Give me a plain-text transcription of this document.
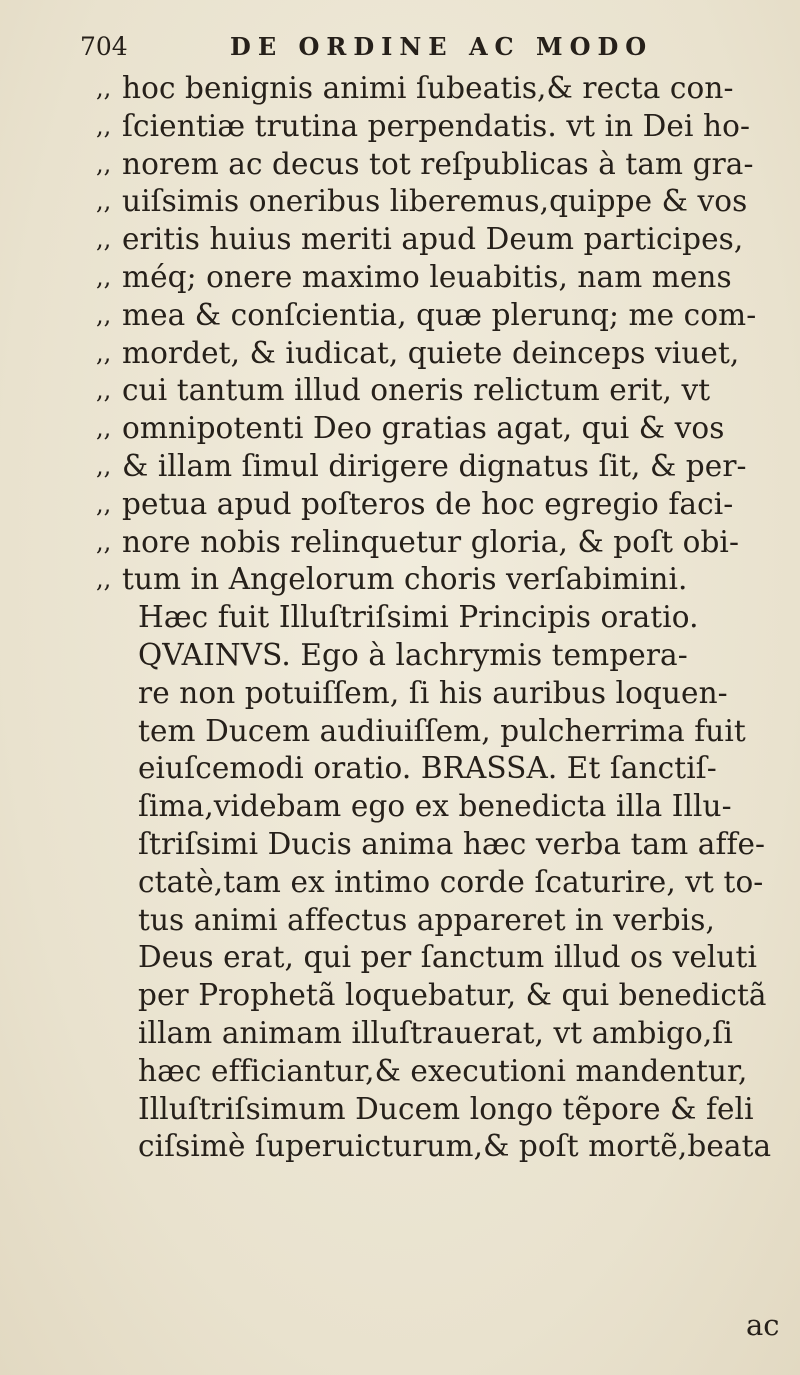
704	DE ORDINE AC MODO
,, hoc benignis animi ſubeatis,& recta con-
,, ſcientiæ trutina perpendatis. vt in Dei ho-
,, norem ac decus tot reſpublicas à tam gra-
,, uiſsimis oneribus liberemus,quippe & vos
,, eritis huius meriti apud Deum participes,
,, méq; onere maximo leuabitis, nam mens
,, mea & conſcientia, quæ plerunq; me com-
,, mordet, & iudicat, quiete deinceps viuet,
,, cui tantum illud oneris relictum erit, vt
,, omnipotenti Deo gratias agat, qui & vos
,, & illam ſimul dirigere dignatus ſit, & per-
,, petua apud poſteros de hoc egregio faci-
,, nore nobis relinquetur gloria, & poſt obi-
,, tum in Angelorum choris verſabimini.
Hæc fuit Illuſtriſsimi Principis oratio.
QVAINVS. Ego à lachrymis tempera-
re non potuiſſem, ſi his auribus loquen-
tem Ducem audiuiſſem, pulcherrima fuit
eiuſcemodi oratio. BRASSA. Et ſanctiſ-
ſima,videbam ego ex benedicta illa Illu-
ſtriſsimi Ducis anima hæc verba tam affe-
ctatè,tam ex intimo corde ſcaturire, vt to-
tus animi affectus appareret in verbis,
Deus erat, qui per ſanctum illud os veluti
per Prophetã loquebatur, & qui benedictã
illam animam illuſtrauerat, vt ambigo,ſi
hæc efficiantur,& executioni mandentur,
Illuſtriſsimum Ducem longo tẽpore & feli
ciſsimè ſuperuicturum,& poſt mortẽ,beata
ac
